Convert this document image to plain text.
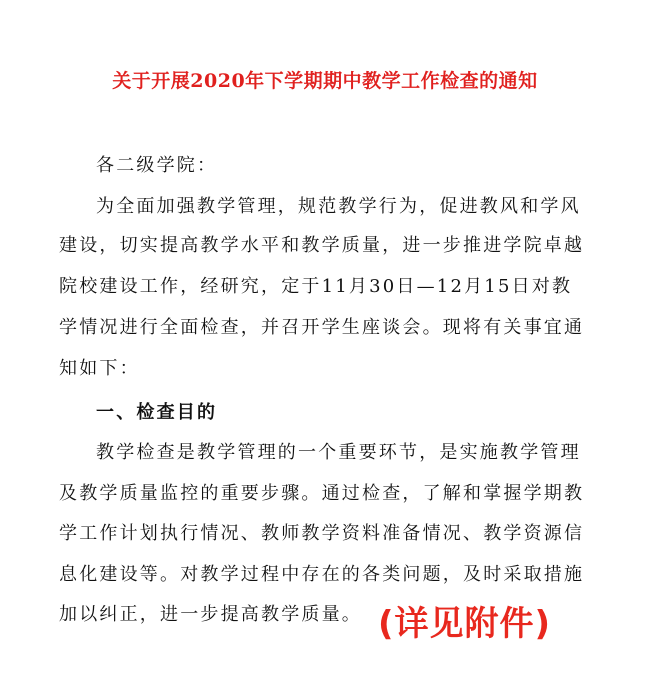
关于开展2020年下学期期中教学工作检查的通知
各二级学院：
为全面加强教学管理，规范教学行为，促进教风和学风
建设，切实提高教学水平和教学质量，进一步推进学院卓越
院校建设工作，经研究，定于11月30日—12月15日对教
学情况进行全面检查，并召开学生座谈会。现将有关事宜通
知如下：
一、检查目的
教学检查是教学管理的一个重要环节，是实施教学管理
及教学质量监控的重要步骤。通过检查，了解和掌握学期教
学工作计划执行情况、教师教学资料准备情况、教学资源信
息化建设等。对教学过程中存在的各类问题，及时采取措施
加以纠正，进一步提高教学质量。 (详见附件)
